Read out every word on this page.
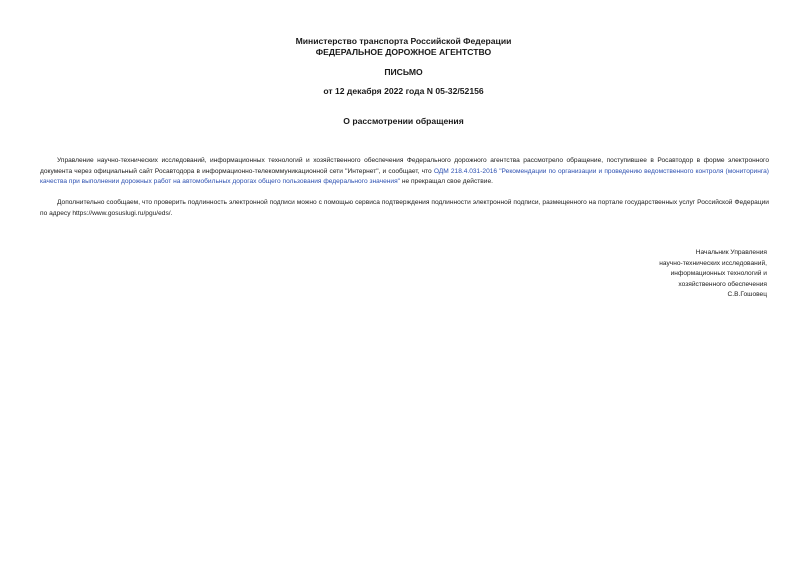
Министерство транспорта Российской Федерации
ФЕДЕРАЛЬНОЕ ДОРОЖНОЕ АГЕНТСТВО
ПИСЬМО
от 12 декабря 2022 года N 05-32/52156
О рассмотрении обращения
Управление научно-технических исследований, информационных технологий и хозяйственного обеспечения Федерального дорожного агентства рассмотрело обращение, поступившее в Росавтодор в форме электронного документа через официальный сайт Росавтодора в информационно-телекоммуникационной сети "Интернет", и сообщает, что ОДМ 218.4.031-2016 "Рекомендации по организации и проведению ведомственного контроля (мониторинга) качества при выполнении дорожных работ на автомобильных дорогах общего пользования федерального значения" не прекращал свое действие.
Дополнительно сообщаем, что проверить подлинность электронной подписи можно с помощью сервиса подтверждения подлинности электронной подписи, размещенного на портале государственных услуг Российской Федерации по адресу https://www.gosuslugi.ru/pgu/eds/.
Начальник Управления
научно-технических исследований,
информационных технологий и
хозяйственного обеспечения
С.В.Гошовец
